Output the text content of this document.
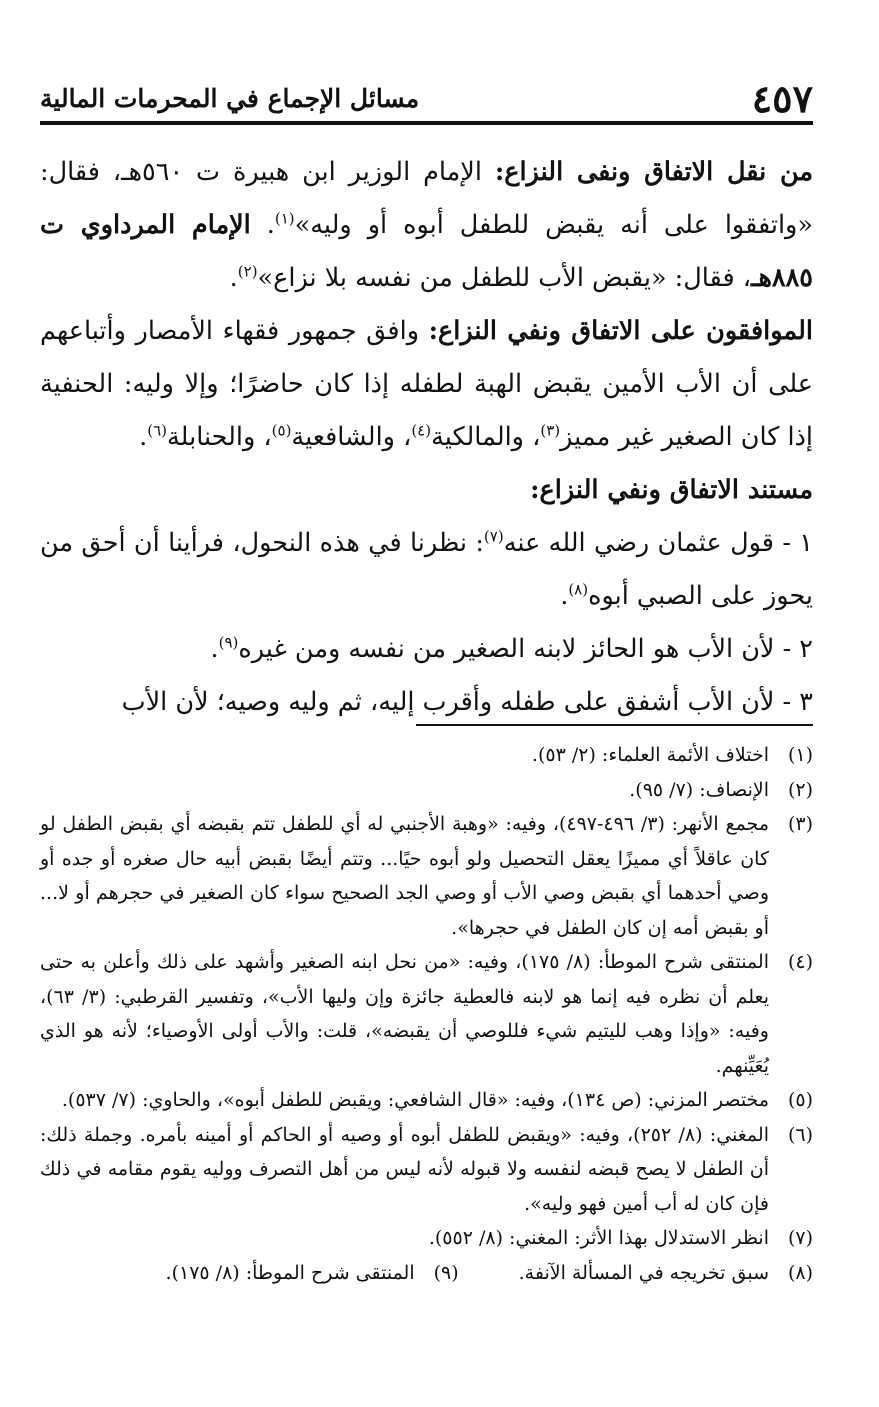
٤٥٧
مسائل الإجماع في المحرمات المالية

من نقل الاتفاق ونفى النزاع: الإمام الوزير ابن هبيرة ت ٥٦٠هـ، فقال: «واتفقوا على أنه يقبض للطفل أبوه أو وليه»$^{(١)}$. الإمام المرداوي ت ٨٨٥هـ، فقال: «يقبض الأب للطفل من نفسه بلا نزاع»$^{(٢)}$.

الموافقون على الاتفاق ونفي النزاع: وافق جمهور فقهاء الأمصار وأتباعهم على أن الأب الأمين يقبض الهبة لطفله إذا كان حاضرًا؛ وإلا وليه: الحنفية إذا كان الصغير غير مميز$^{(٣)}$، والمالكية$^{(٤)}$، والشافعية$^{(٥)}$، والحنابلة$^{(٦)}$.

مستند الاتفاق ونفي النزاع:

١ - قول عثمان رضي الله عنه$^{(٧)}$: نظرنا في هذه النحول، فرأينا أن أحق من يحوز على الصبي أبوه$^{(٨)}$.

٢ - لأن الأب هو الحائز لابنه الصغير من نفسه ومن غيره$^{(٩)}$.

٣ - لأن الأب أشفق على طفله وأقرب إليه، ثم وليه وصيه؛ لأن الأب

(١)
اختلاف الأئمة العلماء: (٢/ ٥٣).
(٢)
الإنصاف: (٧/ ٩٥).
(٣)
مجمع الأنهر: (٣/ ٤٩٦-٤٩٧)، وفيه: «وهبة الأجنبي له أي للطفل تتم بقبضه أي بقبض الطفل لو كان عاقلاً أي مميزًا يعقل التحصيل ولو أبوه حيًا... وتتم أيضًا بقبض أبيه حال صغره أو جده أو وصي أحدهما أي بقبض وصي الأب أو وصي الجد الصحيح سواء كان الصغير في حجرهم أو لا... أو بقبض أمه إن كان الطفل في حجرها».
(٤)
المنتقى شرح الموطأ: (٨/ ١٧٥)، وفيه: «من نحل ابنه الصغير وأشهد على ذلك وأعلن به حتى يعلم أن نظره فيه إنما هو لابنه فالعطية جائزة وإن وليها الأب»، وتفسير القرطبي: (٣/ ٦٣)، وفيه: «وإذا وهب لليتيم شيء فللوصي أن يقبضه»، قلت: والأب أولى الأوصياء؛ لأنه هو الذي يُعَيِّنهم.
(٥)
مختصر المزني: (ص ١٣٤)، وفيه: «قال الشافعي: ويقبض للطفل أبوه»، والحاوي: (٧/ ٥٣٧).
(٦)
المغني: (٨/ ٢٥٢)، وفيه: «ويقبض للطفل أبوه أو وصيه أو الحاكم أو أمينه بأمره. وجملة ذلك: أن الطفل لا يصح قبضه لنفسه ولا قبوله لأنه ليس من أهل التصرف ووليه يقوم مقامه في ذلك فإن كان له أب أمين فهو وليه».
(٧)
انظر الاستدلال بهذا الأثر: المغني: (٨/ ٥٥٢).
(٨)
سبق تخريجه في المسألة الآنفة.
(٩)
المنتقى شرح الموطأ: (٨/ ١٧٥).
